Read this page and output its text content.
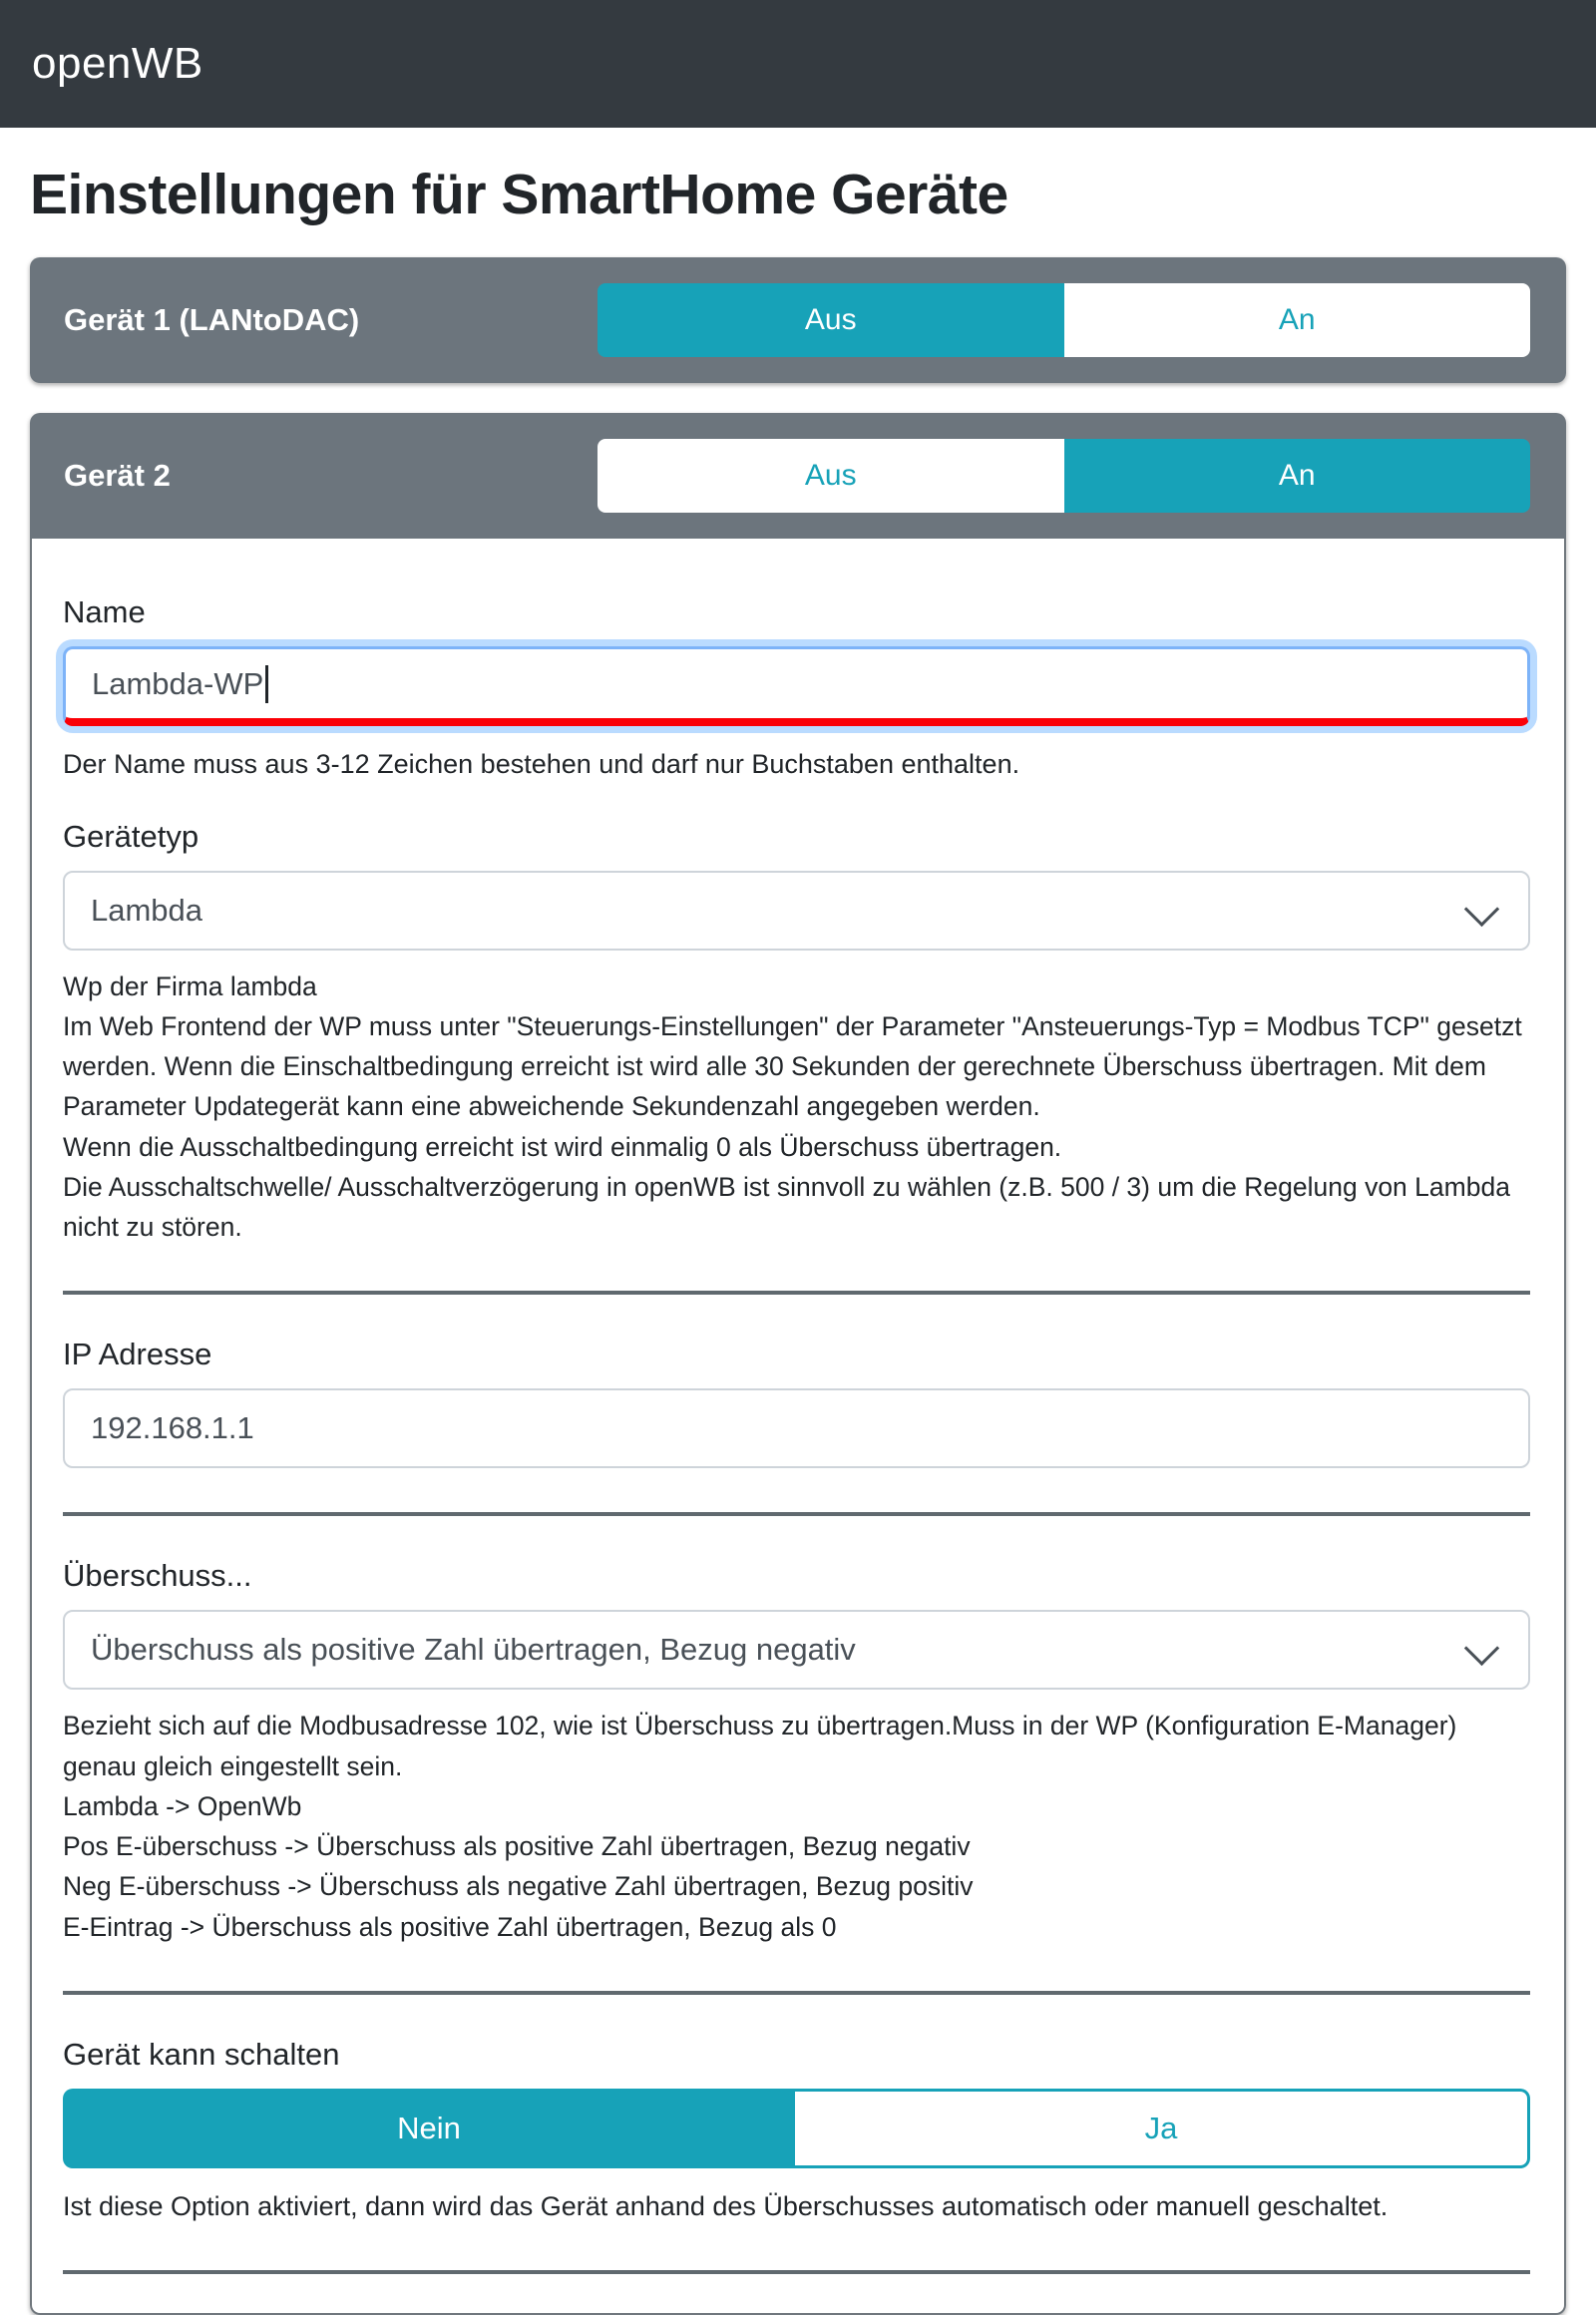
openWB
Einstellungen für SmartHome Geräte
Gerät 1 (LANtoDAC)	Aus	An
Gerät 2	Aus	An
Name
Lambda-WP
Der Name muss aus 3-12 Zeichen bestehen und darf nur Buchstaben enthalten.
Gerätetyp
Lambda
Wp der Firma lambda
Im Web Frontend der WP muss unter "Steuerungs-Einstellungen" der Parameter "Ansteuerungs-Typ = Modbus TCP" gesetzt werden. Wenn die Einschaltbedingung erreicht ist wird alle 30 Sekunden der gerechnete Überschuss übertragen. Mit dem Parameter Updategerät kann eine abweichende Sekundenzahl angegeben werden.
Wenn die Ausschaltbedingung erreicht ist wird einmalig 0 als Überschuss übertragen.
Die Ausschaltschwelle/ Ausschaltverzögerung in openWB ist sinnvoll zu wählen (z.B. 500 / 3) um die Regelung von Lambda nicht zu stören.
IP Adresse
192.168.1.1
Überschuss...
Überschuss als positive Zahl übertragen, Bezug negativ
Bezieht sich auf die Modbusadresse 102, wie ist Überschuss zu übertragen.Muss in der WP (Konfiguration E-Manager) genau gleich eingestellt sein.
Lambda -> OpenWb
Pos E-überschuss -> Überschuss als positive Zahl übertragen, Bezug negativ
Neg E-überschuss -> Überschuss als negative Zahl übertragen, Bezug positiv
E-Eintrag -> Überschuss als positive Zahl übertragen, Bezug als 0
Gerät kann schalten
Nein	Ja
Ist diese Option aktiviert, dann wird das Gerät anhand des Überschusses automatisch oder manuell geschaltet.
